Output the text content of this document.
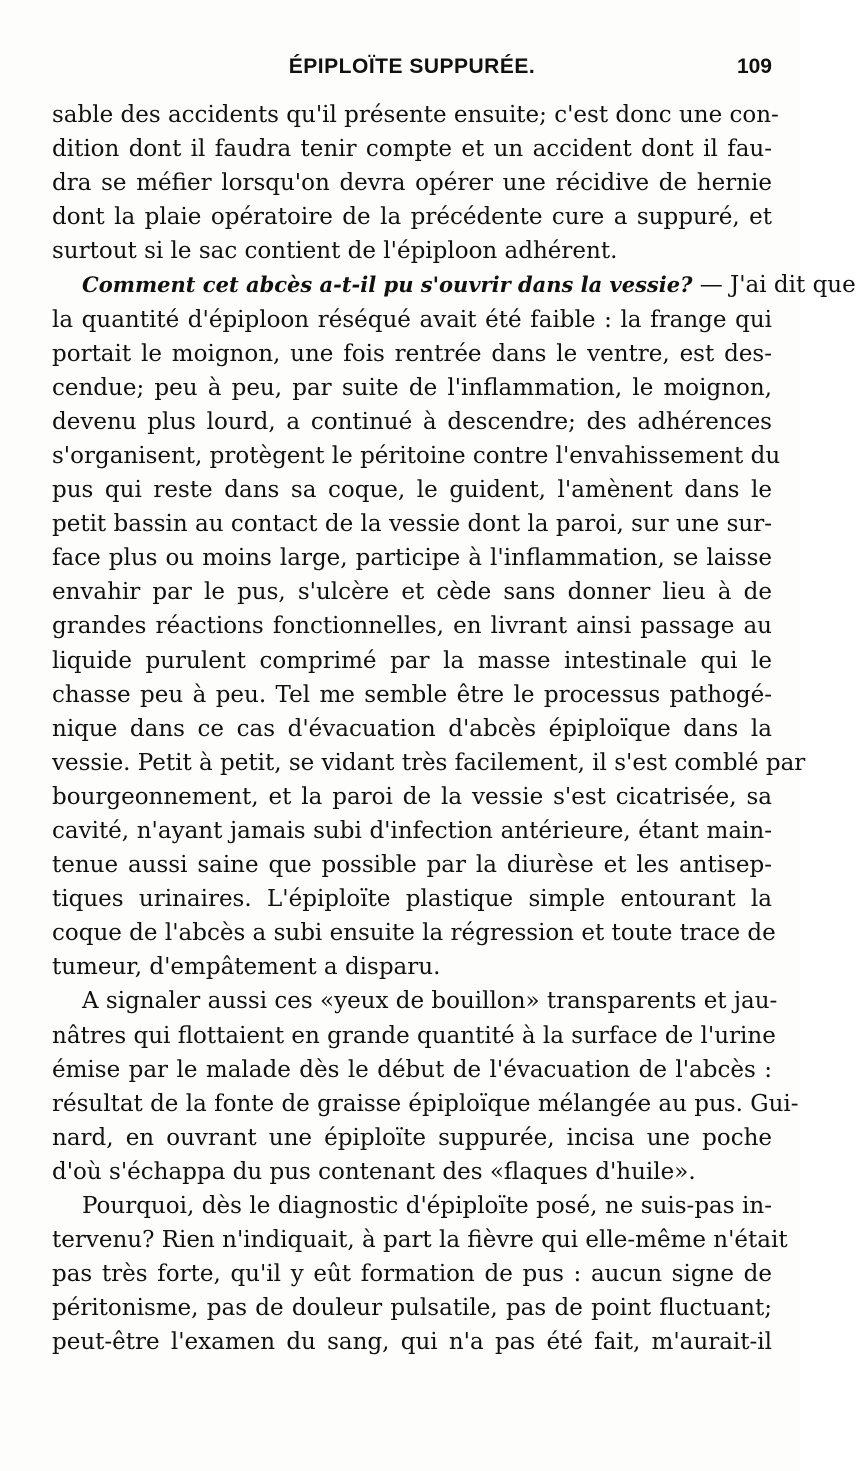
ÉPIPLOÏTE SUPPURÉE.	109
sable des accidents qu'il présente ensuite; c'est donc une con-
dition dont il faudra tenir compte et un accident dont il fau-
dra se méfier lorsqu'on devra opérer une récidive de hernie
dont la plaie opératoire de la précédente cure a suppuré, et
surtout si le sac contient de l'épiploon adhérent.
Comment cet abcès a-t-il pu s'ouvrir dans la vessie? — J'ai dit que
la quantité d'épiploon réséqué avait été faible : la frange qui
portait le moignon, une fois rentrée dans le ventre, est des-
cendue; peu à peu, par suite de l'inflammation, le moignon,
devenu plus lourd, a continué à descendre; des adhérences
s'organisent, protègent le péritoine contre l'envahissement du
pus qui reste dans sa coque, le guident, l'amènent dans le
petit bassin au contact de la vessie dont la paroi, sur une sur-
face plus ou moins large, participe à l'inflammation, se laisse
envahir par le pus, s'ulcère et cède sans donner lieu à de
grandes réactions fonctionnelles, en livrant ainsi passage au
liquide purulent comprimé par la masse intestinale qui le
chasse peu à peu. Tel me semble être le processus pathogé-
nique dans ce cas d'évacuation d'abcès épiploïque dans la
vessie. Petit à petit, se vidant très facilement, il s'est comblé par
bourgeonnement, et la paroi de la vessie s'est cicatrisée, sa
cavité, n'ayant jamais subi d'infection antérieure, étant main-
tenue aussi saine que possible par la diurèse et les antisep-
tiques urinaires. L'épiploïte plastique simple entourant la
coque de l'abcès a subi ensuite la régression et toute trace de
tumeur, d'empâtement a disparu.
A signaler aussi ces «yeux de bouillon» transparents et jau-
nâtres qui flottaient en grande quantité à la surface de l'urine
émise par le malade dès le début de l'évacuation de l'abcès :
résultat de la fonte de graisse épiploïque mélangée au pus. Gui-
nard, en ouvrant une épiploïte suppurée, incisa une poche
d'où s'échappa du pus contenant des «flaques d'huile».
Pourquoi, dès le diagnostic d'épiploïte posé, ne suis-pas in-
tervenu? Rien n'indiquait, à part la fièvre qui elle-même n'était
pas très forte, qu'il y eût formation de pus : aucun signe de
péritonisme, pas de douleur pulsatile, pas de point fluctuant;
peut-être l'examen du sang, qui n'a pas été fait, m'aurait-il
